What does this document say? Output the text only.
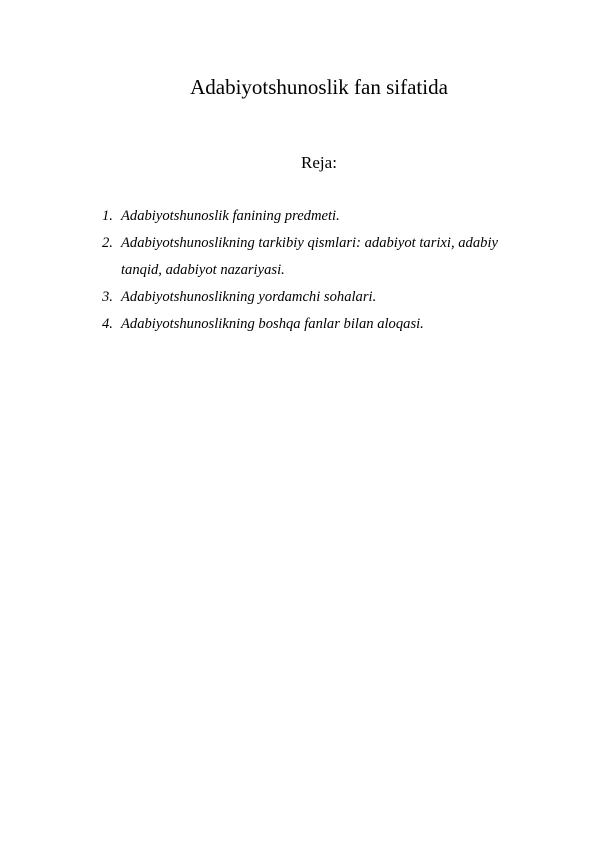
Adabiyotshunoslik fan sifatida
Reja:
1. Adabiyotshunoslik fanining predmeti.
2. Adabiyotshunoslikning tarkibiy qismlari: adabiyot tarixi, adabiy tanqid, adabiyot nazariyasi.
3. Adabiyotshunoslikning yordamchi sohalari.
4. Adabiyotshunoslikning boshqa fanlar bilan aloqasi.
